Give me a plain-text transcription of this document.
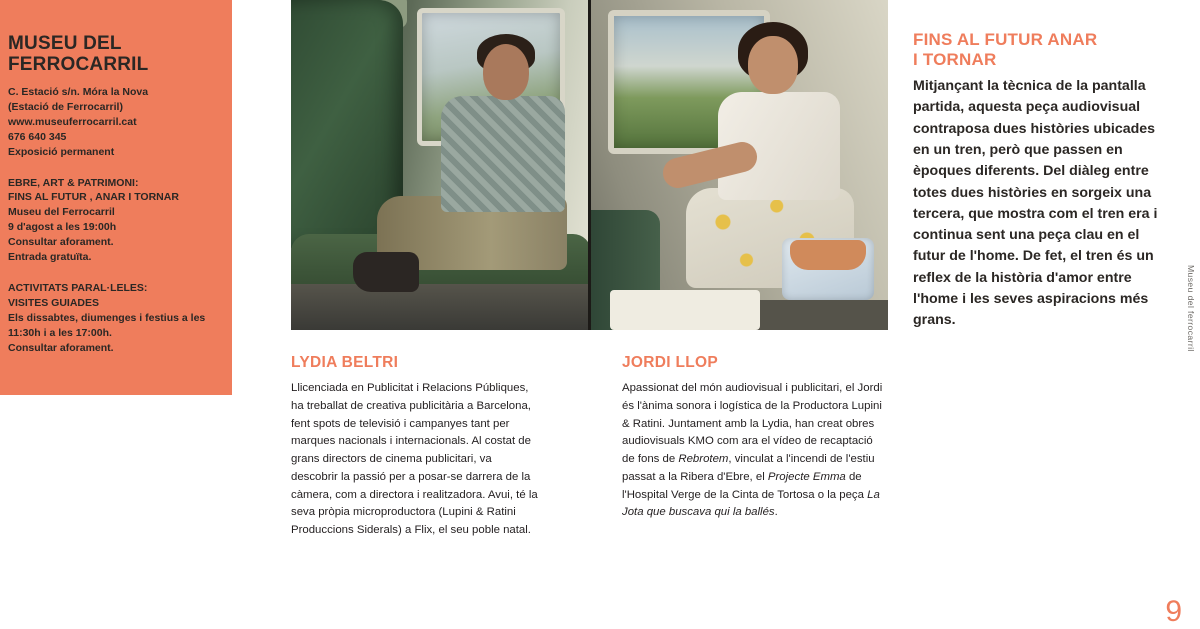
MUSEU DEL
FERROCARRIL
C. Estació s/n. Móra la Nova
(Estació de Ferrocarril)
www.museuferrocarril.cat
676 640 345
Exposició permanent
EBRE, ART & PATRIMONI:
FINS AL FUTUR , ANAR I TORNAR
Museu del Ferrocarril
9 d'agost a les 19:00h
Consultar aforament.
Entrada gratuïta.
ACTIVITATS PARAL·LELES:
VISITES GUIADES
Els dissabtes, diumenges i festius a les
11:30h i a les 17:00h.
Consultar aforament.
LYDIA BELTRI

Llicenciada en Publicitat i Relacions Públiques, ha treballat de creativa publicitària a Barcelona, fent spots de televisió i campanyes tant per marques nacionals i internacionals. Al costat de grans directors de cinema publicitari, va descobrir la passió per a posar-se darrera de la càmera, com a directora i realitzadora. Avui, té la seva pròpia microproductora (Lupini & Ratini Produccions Siderals) a Flix, el seu poble natal.

JORDI LLOP

Apassionat del món audiovisual i publicitari, el Jordi és l'ànima sonora i logística de la Productora Lupini & Ratini. Juntament amb la Lydia, han creat obres audiovisuals KMO com ara el vídeo de recaptació de fons de Rebrotem, vinculat a l'incendi de l'estiu passat a la Ribera d'Ebre, el Projecte Emma de l'Hospital Verge de la Cinta de Tortosa o la peça La Jota que buscava qui la ballés.

FINS AL FUTUR ANAR
I TORNAR

Mitjançant la tècnica de la pantalla partida, aquesta peça audiovisual contraposa dues històries ubicades en un tren, però que passen en èpoques diferents. Del diàleg entre totes dues històries en sorgeix una tercera, que mostra com el tren era i continua sent una peça clau en el futur de l'home. De fet, el tren és un reflex de la història d'amor entre l'home i les seves aspiracions més grans.	Museu del ferrocarril
9
